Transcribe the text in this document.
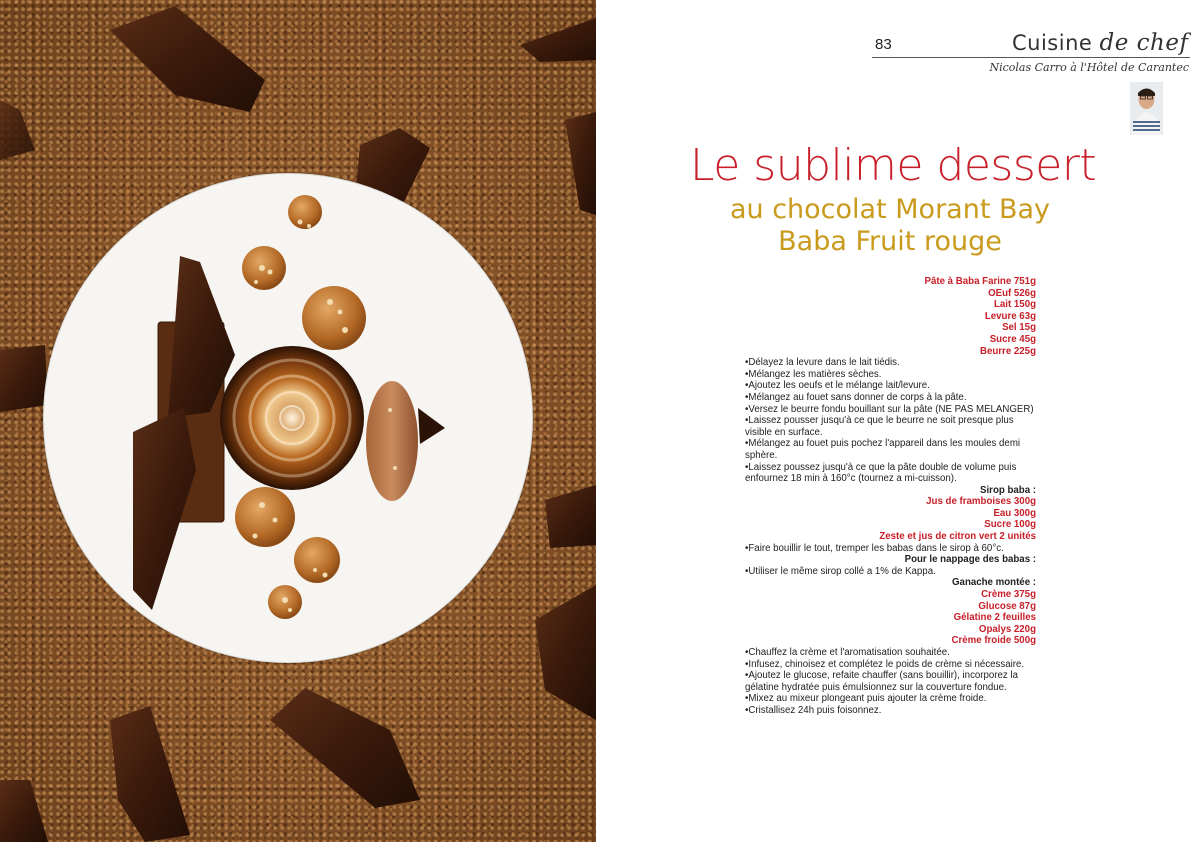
83	Cuisine de chef
Nicolas Carro à l'Hôtel de Carantec
Le sublime dessert
au chocolat Morant Bay
Baba Fruit rouge
Pâte à Baba Farine 751g
OEuf 526g
Lait 150g
Levure 63g
Sel 15g
Sucre 45g
Beurre 225g
•Délayez la levure dans le lait tiédis.
•Mélangez les matières sèches.
•Ajoutez les oeufs et le mélange lait/levure.
•Mélangez au fouet sans donner de corps à la pâte.
•Versez le beurre fondu bouillant sur la pâte (NE PAS MÉLANGER)
•Laissez pousser jusqu'à ce que le beurre ne soit presque plus
visible en surface.
•Mélangez au fouet puis pochez l'appareil dans les moules demi
sphère.
•Laissez poussez jusqu'à ce que la pâte double de volume puis
enfournez 18 min à 160°c (tournez a mi-cuisson).
Sirop baba :
Jus de framboises 300g
Eau 300g
Sucre 100g
Zeste et jus de citron vert 2 unités
•Faire bouillir le tout, tremper les babas dans le sirop à 60°c.
Pour le nappage des babas :
•Utiliser le même sirop collé a 1% de Kappa.
Ganache montée :
Crème 375g
Glucose 87g
Gélatine 2 feuilles
Opalys 220g
Crème froide 500g
•Chauffez la crème et l'aromatisation souhaitée.
•Infusez, chinoisez et complétez le poids de crème si nécessaire.
•Ajoutez le glucose, refaite chauffer (sans bouillir), incorporez la
gélatine hydratée puis émulsionnez sur la couverture fondue.
•Mixez au mixeur plongeant puis ajouter la crème froide.
•Cristallisez 24h puis foisonnez.
